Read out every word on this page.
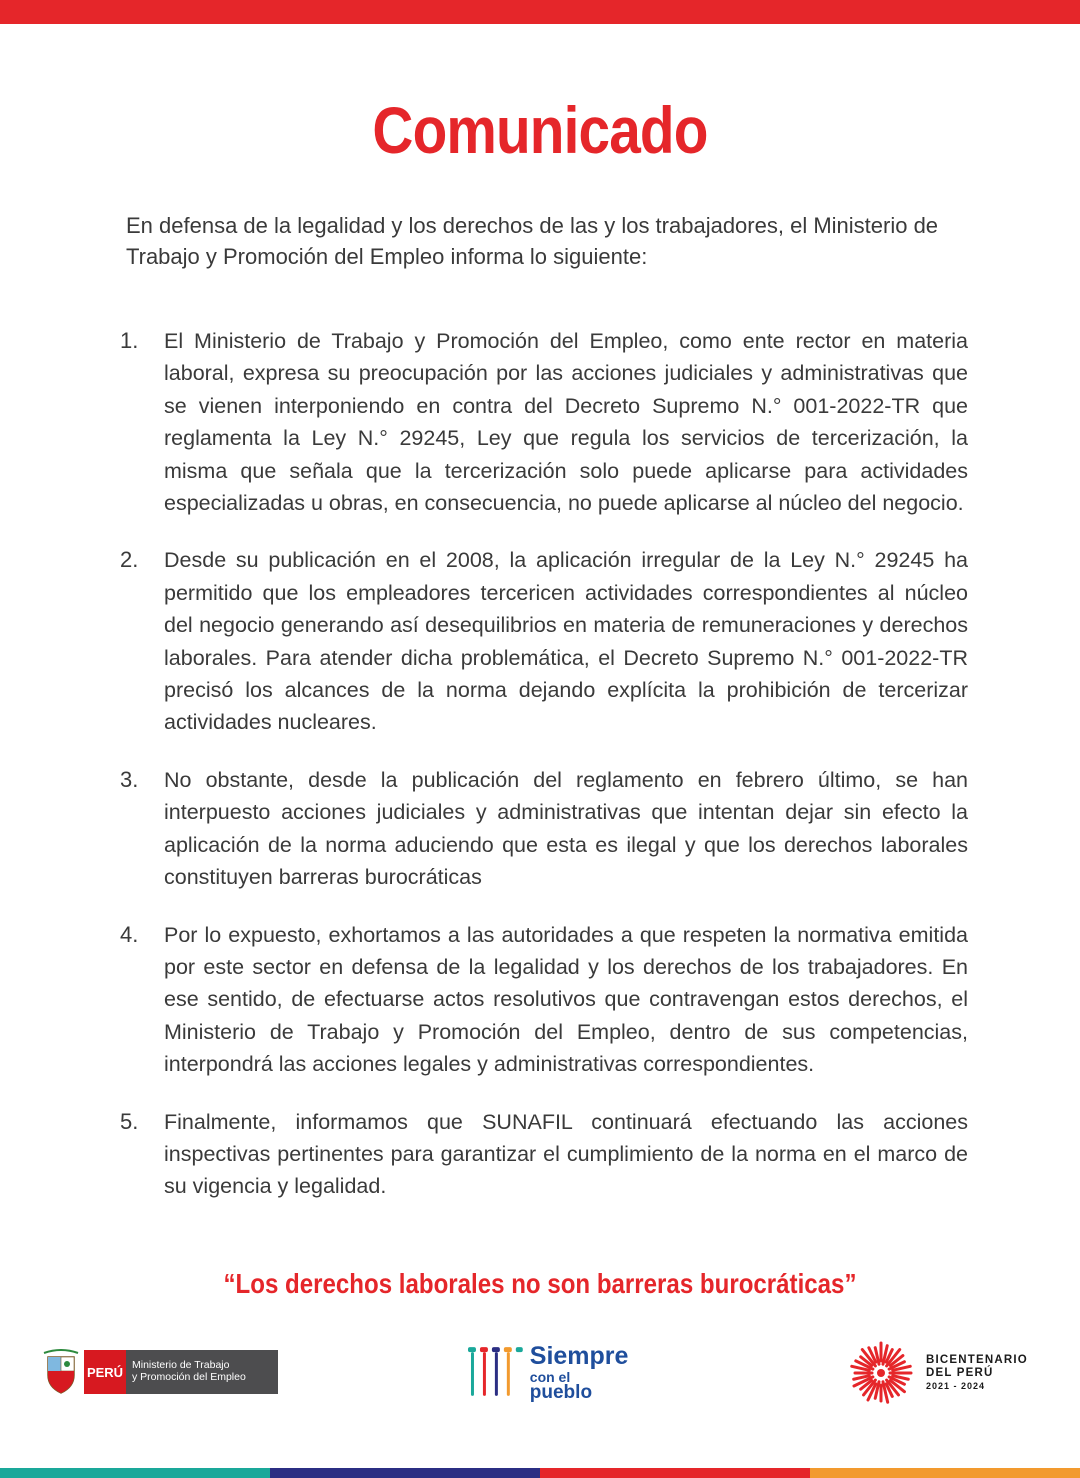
Comunicado

En defensa de la legalidad y los derechos de las y los trabajadores, el Ministerio de Trabajo y Promoción del Empleo informa lo siguiente:

1. El Ministerio de Trabajo y Promoción del Empleo, como ente rector en materia laboral, expresa su preocupación por las acciones judiciales y administrativas que se vienen interponiendo en contra del Decreto Supremo N.° 001-2022-TR que reglamenta la Ley N.° 29245, Ley que regula los servicios de tercerización, la misma que señala que la tercerización solo puede aplicarse para actividades especializadas u obras, en consecuencia, no puede aplicarse al núcleo del negocio.
2. Desde su publicación en el 2008, la aplicación irregular de la Ley N.° 29245 ha permitido que los empleadores tercericen actividades correspondientes al núcleo del negocio generando así desequilibrios en materia de remuneraciones y derechos laborales. Para atender dicha problemática, el Decreto Supremo N.° 001-2022-TR precisó los alcances de la norma dejando explícita la prohibición de tercerizar actividades nucleares.
3. No obstante, desde la publicación del reglamento en febrero último, se han interpuesto acciones judiciales y administrativas que intentan dejar sin efecto la aplicación de la norma aduciendo que esta es ilegal y que los derechos laborales constituyen barreras burocráticas
4. Por lo expuesto, exhortamos a las autoridades a que respeten la normativa emitida por este sector en defensa de la legalidad y los derechos de los trabajadores. En ese sentido, de efectuarse actos resolutivos que contravengan estos derechos, el Ministerio de Trabajo y Promoción del Empleo, dentro de sus competencias, interpondrá las acciones legales y administrativas correspondientes.
5. Finalmente, informamos que SUNAFIL continuará efectuando las acciones inspectivas pertinentes para garantizar el cumplimiento de la norma en el marco de su vigencia y legalidad.

“Los derechos laborales no son barreras burocráticas”

PERÚ Ministerio de Trabajo
y Promoción del Empleo
Siempre
con el pueblo
BICENTENARIO
DEL PERÚ
2021 - 2024
